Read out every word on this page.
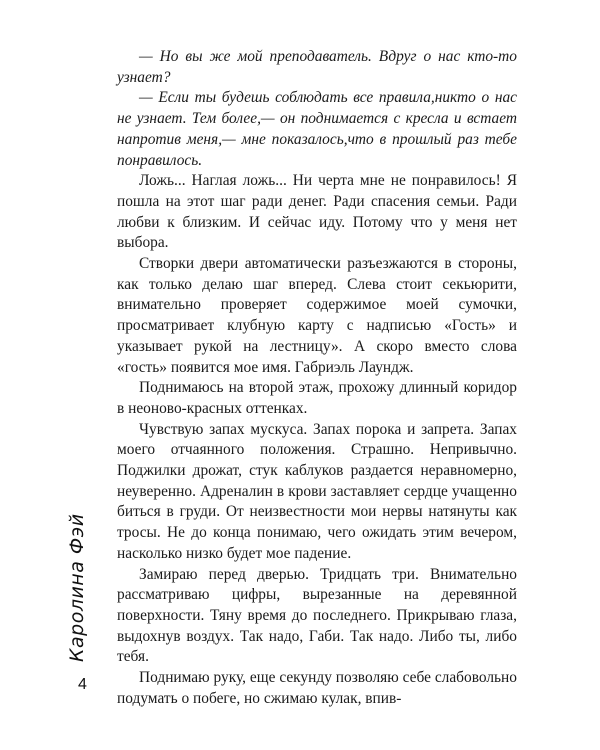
— Но вы же мой преподаватель. Вдруг о нас кто-то узнает?

— Если ты будешь соблюдать все правила,никто о нас не узнает. Тем более,— он поднимается с кресла и встает напротив меня,— мне показалось,что в прошлый раз тебе понравилось.

Ложь... Наглая ложь... Ни черта мне не понравилось! Я пошла на этот шаг ради денег. Ради спасения семьи. Ради любви к близким. И сейчас иду. Потому что у меня нет выбора.

Створки двери автоматически разъезжаются в стороны, как только делаю шаг вперед. Слева стоит секьюрити, внимательно проверяет содержимое моей сумочки, просматривает клубную карту с надписью «Гость» и указывает рукой на лестницу». А скоро вместо слова «гость» появится мое имя. Габриэль Лаундж.

Поднимаюсь на второй этаж, прохожу длинный коридор в неоново-красных оттенках.

Чувствую запах мускуса. Запах порока и запрета. Запах моего отчаянного положения. Страшно. Непривычно. Поджилки дрожат, стук каблуков раздается неравномерно, неуверенно. Адреналин в крови заставляет сердце учащенно биться в груди. От неизвестности мои нервы натянуты как тросы. Не до конца понимаю, чего ожидать этим вечером, насколько низко будет мое падение.

Замираю перед дверью. Тридцать три. Внимательно рассматриваю цифры, вырезанные на деревянной поверхности. Тяну время до последнего. Прикрываю глаза, выдохнув воздух. Так надо, Габи. Так надо. Либо ты, либо тебя.

Поднимаю руку, еще секунду позволяю себе слабовольно подумать о побеге, но сжимаю кулак, впив-

Каролина Фэй
4
